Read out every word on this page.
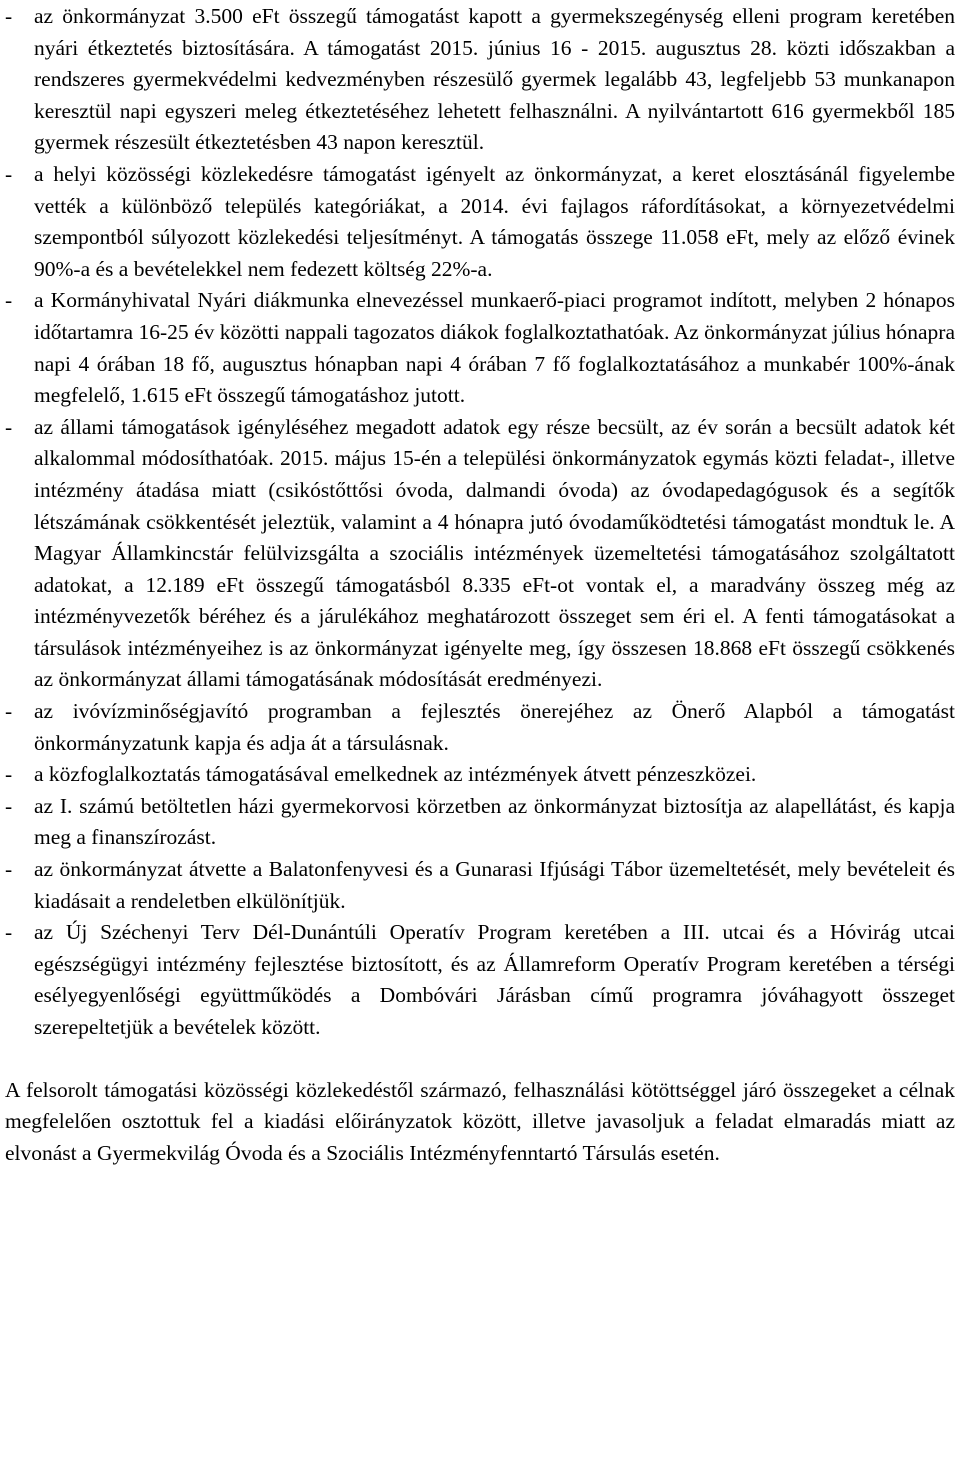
-	az önkormányzat 3.500 eFt összegű támogatást kapott a gyermekszegénység elleni program keretében nyári étkeztetés biztosítására. A támogatást 2015. június 16 - 2015. augusztus 28. közti időszakban a rendszeres gyermekvédelmi kedvezményben részesülő gyermek legalább 43, legfeljebb 53 munkanapon keresztül napi egyszeri meleg étkeztetéséhez lehetett felhasználni. A nyilvántartott 616 gyermekből 185 gyermek részesült étkeztetésben 43 napon keresztül.
-	a helyi közösségi közlekedésre támogatást igényelt az önkormányzat, a keret elosztásánál figyelembe vették a különböző település kategóriákat, a 2014. évi fajlagos ráfordításokat, a környezetvédelmi szempontból súlyozott közlekedési teljesítményt. A támogatás összege 11.058 eFt, mely az előző évinek 90%-a és a bevételekkel nem fedezett költség 22%-a.
-	a Kormányhivatal Nyári diákmunka elnevezéssel munkaerő-piaci programot indított, melyben 2 hónapos időtartamra 16-25 év közötti nappali tagozatos diákok foglalkoztathatóak. Az önkormányzat július hónapra napi 4 órában 18 fő, augusztus hónapban napi 4 órában 7 fő foglalkoztatásához a munkabér 100%-ának megfelelő, 1.615 eFt összegű támogatáshoz jutott.
-	az állami támogatások igényléséhez megadott adatok egy része becsült, az év során a becsült adatok két alkalommal módosíthatóak. 2015. május 15-én a települési önkormányzatok egymás közti feladat-, illetve intézmény átadása miatt (csikóstőttősi óvoda, dalmandi óvoda) az óvodapedagógusok és a segítők létszámának csökkentését jeleztük, valamint a 4 hónapra jutó óvodaműködtetési támogatást mondtuk le. A Magyar Államkincstár felülvizsgálta a szociális intézmények üzemeltetési támogatásához szolgáltatott adatokat, a 12.189 eFt összegű támogatásból 8.335 eFt-ot vontak el, a maradvány összeg még az intézményvezetők béréhez és a járulékához meghatározott összeget sem éri el. A fenti támogatásokat a társulások intézményeihez is az önkormányzat igényelte meg, így összesen 18.868 eFt összegű csökkenés az önkormányzat állami támogatásának módosítását eredményezi.
-	az ivóvízminőségjavító programban a fejlesztés önerejéhez az Önerő Alapból a támogatást önkormányzatunk kapja és adja át a társulásnak.
-	a közfoglalkoztatás támogatásával emelkednek az intézmények átvett pénzeszközei.
-	az I. számú betöltetlen házi gyermekorvosi körzetben az önkormányzat biztosítja az alapellátást, és kapja meg a finanszírozást.
-	az önkormányzat átvette a Balatonfenyvesi és a Gunarasi Ifjúsági Tábor üzemeltetését, mely bevételeit és kiadásait a rendeletben elkülönítjük.
-	az Új Széchenyi Terv Dél-Dunántúli Operatív Program keretében a III. utcai és a Hóvirág utcai egészségügyi intézmény fejlesztése biztosított, és az Államreform Operatív Program keretében a térségi esélyegyenlőségi együttműködés a Dombóvári Járásban című programra jóváhagyott összeget szerepeltetjük a bevételek között.

A felsorolt támogatási közösségi közlekedéstől származó, felhasználási kötöttséggel járó összegeket a célnak megfelelően osztottuk fel a kiadási előirányzatok között, illetve javasoljuk a feladat elmaradás miatt az elvonást a Gyermekvilág Óvoda és a Szociális Intézményfenntartó Társulás esetén.
